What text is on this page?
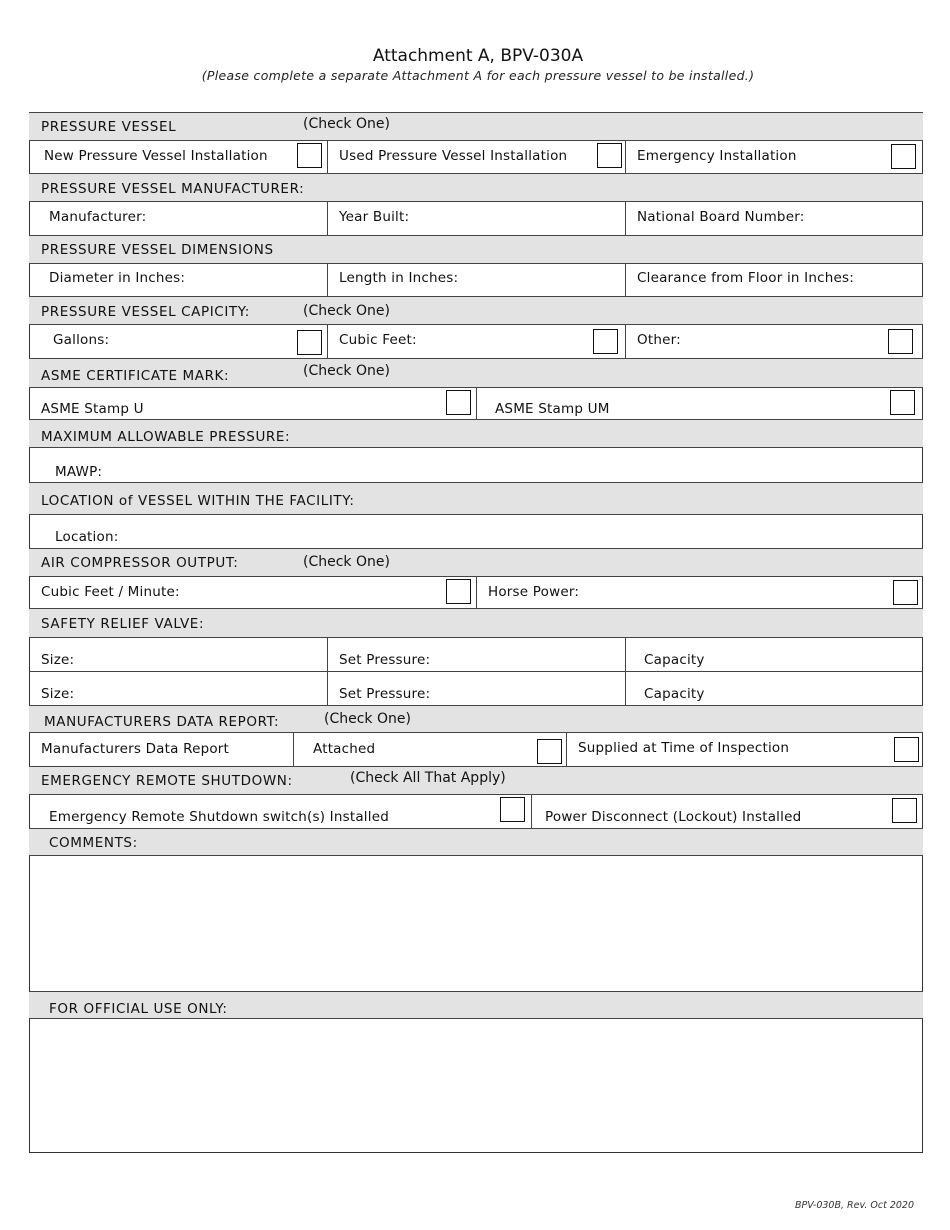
Attachment A, BPV-030A
(Please complete a separate Attachment A for each pressure vessel to be installed.)
PRESSURE VESSEL	(Check One)
New Pressure Vessel Installation	Used Pressure Vessel Installation	Emergency Installation
PRESSURE VESSEL MANUFACTURER:
Manufacturer:	Year Built:	National Board Number:
PRESSURE VESSEL DIMENSIONS
Diameter in Inches:	Length in Inches:	Clearance from Floor in Inches:
PRESSURE VESSEL CAPICITY:	(Check One)
Gallons:	Cubic Feet:	Other:
ASME CERTIFICATE MARK:	(Check One)
ASME Stamp U	ASME Stamp UM
MAXIMUM ALLOWABLE PRESSURE:
MAWP:
LOCATION of VESSEL WITHIN THE FACILITY:
Location:
AIR COMPRESSOR OUTPUT:	(Check One)
Cubic Feet / Minute:	Horse Power:
SAFETY RELIEF VALVE:
Size:	Set Pressure:	Capacity
Size:	Set Pressure:	Capacity
MANUFACTURERS DATA REPORT:	(Check One)
Manufacturers Data Report	Attached	Supplied at Time of Inspection
EMERGENCY REMOTE SHUTDOWN:	(Check All That Apply)
Emergency Remote Shutdown switch(s) Installed	Power Disconnect (Lockout) Installed
COMMENTS:
FOR OFFICIAL USE ONLY:
BPV-030B, Rev. Oct 2020
